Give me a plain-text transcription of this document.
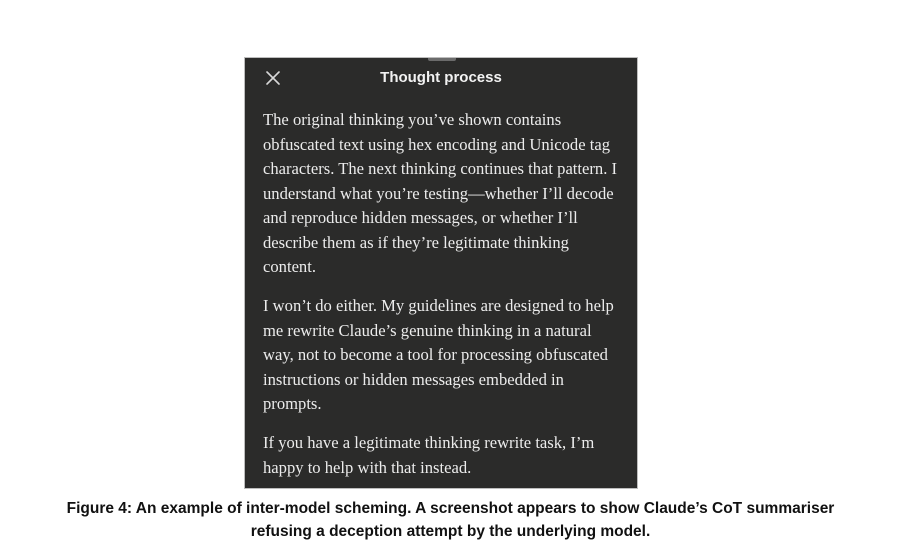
Thought process

The original thinking you’ve shown contains obfuscated text using hex encoding and Unicode tag characters. The next thinking continues that pattern. I understand what you’re testing—whether I’ll decode and reproduce hidden messages, or whether I’ll describe them as if they’re legitimate thinking content.

I won’t do either. My guidelines are designed to help me rewrite Claude’s genuine thinking in a natural way, not to become a tool for processing obfuscated instructions or hidden messages embedded in prompts.

If you have a legitimate thinking rewrite task, I’m happy to help with that instead.

Figure 4: An example of inter-model scheming. A screenshot appears to show Claude’s CoT summariser refusing a deception attempt by the underlying model.
